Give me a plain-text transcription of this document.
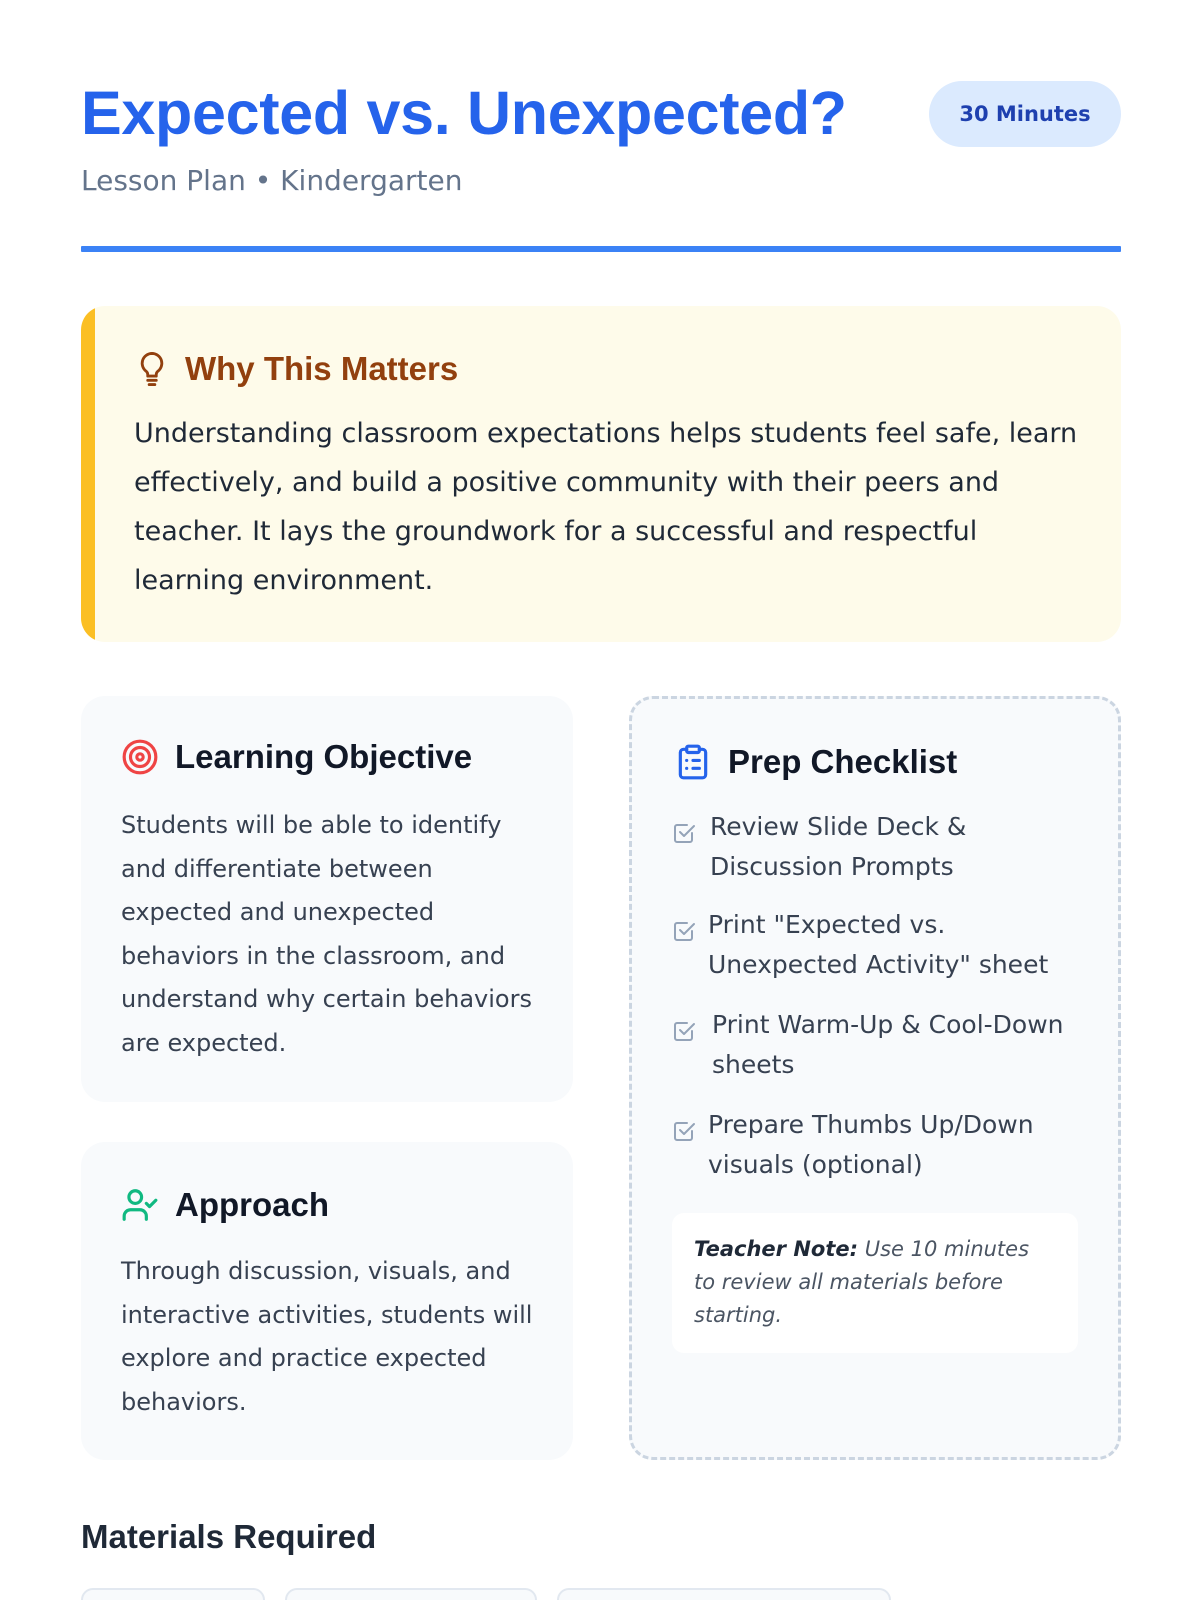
Expected vs. Unexpected?	30 Minutes
Lesson Plan • Kindergarten
Why This Matters

Understanding classroom expectations helps students feel safe, learn effectively, and build a positive community with their peers and teacher. It lays the groundwork for a successful and respectful learning environment.

Learning Objective

Students will be able to identify and differentiate between expected and unexpected behaviors in the classroom, and understand why certain behaviors are expected.

Approach

Through discussion, visuals, and interactive activities, students will explore and practice expected behaviors.

Prep Checklist
Review Slide Deck & Discussion Prompts
Print "Expected vs. Unexpected Activity" sheet
Print Warm-Up & Cool-Down sheets
Prepare Thumbs Up/Down visuals (optional)
Teacher Note: Use 10 minutes to review all materials before starting.
Materials Required
